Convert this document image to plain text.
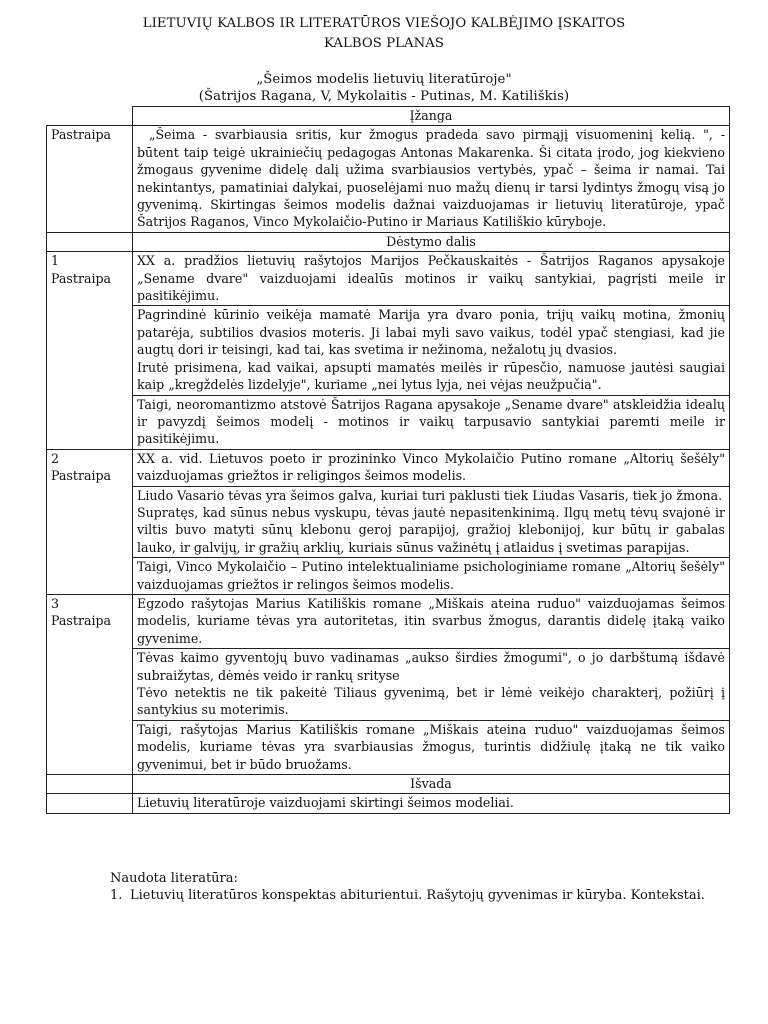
LIETUVIŲ KALBOS IR LITERATŪROS VIEŠOJO KALBĖJIMO ĮSKAITOS
KALBOS PLANAS
„Šeimos modelis lietuvių literatūroje"
(Šatrijos Ragana, V, Mykolaitis - Putinas, M. Katiliškis)
	Įžanga
Pastraipa	„Šeima - svarbiausia sritis, kur žmogus pradeda savo pirmąjį visuomeninį kelią. ", - būtent taip teigė ukrainiečių pedagogas Antonas Makarenka. Ši citata įrodo, jog kiekvieno žmogaus gyvenime didelę dalį užima svarbiausios vertybės, ypač – šeima ir namai. Tai nekintantys, pamatiniai dalykai, puoselėjami nuo mažų dienų ir tarsi lydintys žmogų visą jo gyvenimą. Skirtingas šeimos modelis dažnai vaizduojamas ir lietuvių literatūroje, ypač Šatrijos Raganos, Vinco Mykolaičio-Putino ir Mariaus Katiliškio kūryboje.
	Dėstymo dalis

1
Pastraipa	XX a. pradžios lietuvių rašytojos Marijos Pečkauskaitės - Šatrijos Raganos apysakoje „Sename dvare" vaizduojami idealūs motinos ir vaikų santykiai, pagrįsti meile ir pasitikėjimu.
	Pagrindinė kūrinio veikėja mamatė Marija yra dvaro ponia, trijų vaikų motina, žmonių patarėja, subtilios dvasios moteris. Ji labai myli savo vaikus, todėl ypač stengiasi, kad jie augtų dori ir teisingi, kad tai, kas svetima ir nežinoma, nežalotų jų dvasios.
Irutė prisimena, kad vaikai, apsupti mamatės meilės ir rūpesčio, namuose jautėsi saugiai kaip „kregždelės lizdelyje", kuriame „nei lytus lyja, nei vėjas neužpučia".
	Taigi, neoromantizmo atstovė Šatrijos Ragana apysakoje „Sename dvare" atskleidžia idealų ir pavyzdį šeimos modelį - motinos ir vaikų tarpusavio santykiai paremti meile ir pasitikėjimu.

2
Pastraipa	XX a. vid. Lietuvos poeto ir prozininko Vinco Mykolaičio Putino romane „Altorių šešėly" vaizduojamas griežtos ir religingos šeimos modelis.
	Liudo Vasario tėvas yra šeimos galva, kuriai turi paklusti tiek Liudas Vasaris, tiek jo žmona.
Supratęs, kad sūnus nebus vyskupu, tėvas jautė nepasitenkinimą. Ilgų metų tėvų svajonė ir viltis buvo matyti sūnų klebonu geroj parapijoj, gražioj klebonijoj, kur būtų ir gabalas lauko, ir galvijų, ir gražių arklių, kuriais sūnus važinėtų į atlaidus į svetimas parapijas.
	Taigi, Vinco Mykolaičio – Putino intelektualiniame psichologiniame romane „Altorių šešėly" vaizduojamas griežtos ir relingos šeimos modelis.

3
Pastraipa	Egzodo rašytojas Marius Katiliškis romane „Miškais ateina ruduo" vaizduojamas šeimos modelis, kuriame tėvas yra autoritetas, itin svarbus žmogus, darantis didelę įtaką vaiko gyvenime.
	Tėvas kaimo gyventojų buvo vadinamas „aukso širdies žmogumi", o jo darbštumą išdavė subraižytas, dėmės veido ir rankų srityse
Tėvo netektis ne tik pakeitė Tiliaus gyvenimą, bet ir lėmė veikėjo charakterį, požiūrį į santykius su moterimis.
	Taigi, rašytojas Marius Katiliškis romane „Miškais ateina ruduo" vaizduojamas šeimos modelis, kuriame tėvas yra svarbiausias žmogus, turintis didžiulę įtaką ne tik vaiko gyvenimui, bet ir būdo bruožams.
	Išvada
	Lietuvių literatūroje vaizduojami skirtingi šeimos modeliai.
Naudota literatūra:
1. Lietuvių literatūros konspektas abiturientui. Rašytojų gyvenimas ir kūryba. Kontekstai.
